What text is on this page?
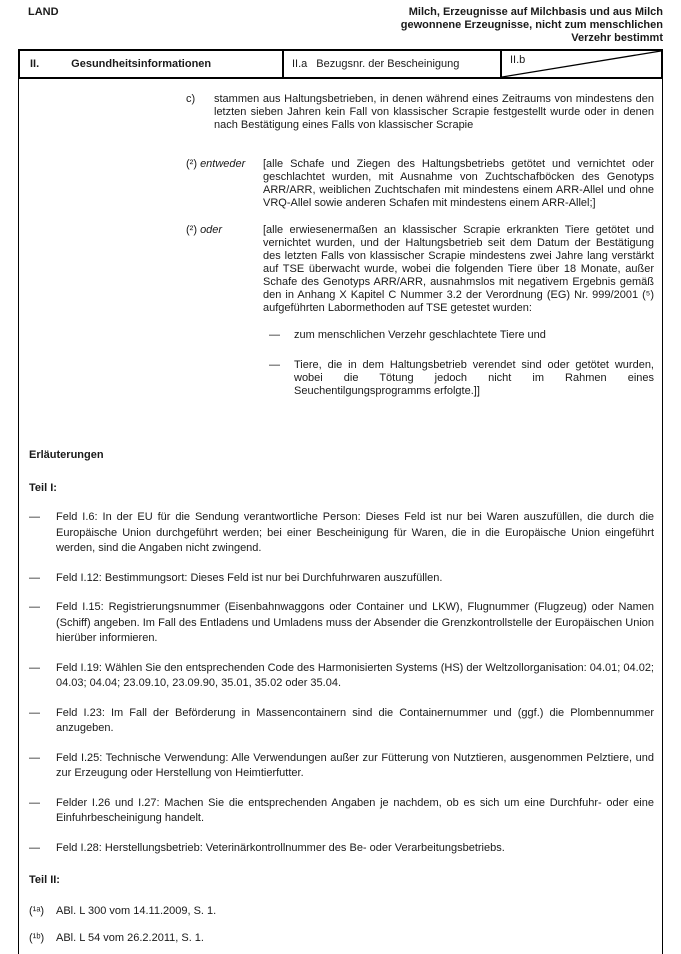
LAND	Milch, Erzeugnisse auf Milchbasis und aus Milch
gewonnene Erzeugnisse, nicht zum menschlichen
Verzehr bestimmt
II.	Gesundheitsinformationen	II.a Bezugsnr. der Bescheinigung	II.b
c)	stammen aus Haltungsbetrieben, in denen während eines Zeitraums von mindestens den letzten sieben Jahren kein Fall von klassischer Scrapie festgestellt wurde oder in denen nach Bestätigung eines Falls von klassischer Scrapie
(²) entweder	[alle Schafe und Ziegen des Haltungsbetriebs getötet und vernichtet oder geschlachtet wurden, mit Ausnahme von Zuchtschafböcken des Genotyps ARR/ARR, weiblichen Zuchtschafen mit mindestens einem ARR-Allel und ohne VRQ-Allel sowie anderen Schafen mit mindestens einem ARR-Allel;]
(²) oder	[alle erwiesenermaßen an klassischer Scrapie erkrankten Tiere getötet und vernichtet wurden, und der Haltungsbetrieb seit dem Datum der Bestätigung des letzten Falls von klassischer Scrapie mindestens zwei Jahre lang verstärkt auf TSE überwacht wurde, wobei die folgenden Tiere über 18 Monate, außer Schafe des Genotyps ARR/ARR, ausnahmslos mit negativem Ergebnis gemäß den in Anhang X Kapitel C Nummer 3.2 der Verordnung (EG) Nr. 999/2001 (⁵) aufgeführten Labormethoden auf TSE getestet wurden:
—	zum menschlichen Verzehr geschlachtete Tiere und
—	Tiere, die in dem Haltungsbetrieb verendet sind oder getötet wurden, wobei die Tötung jedoch nicht im Rahmen eines Seuchentilgungsprogramms erfolgte.]]
Erläuterungen
Teil I:
—	Feld I.6: In der EU für die Sendung verantwortliche Person: Dieses Feld ist nur bei Waren auszufüllen, die durch die Europäische Union durchgeführt werden; bei einer Bescheinigung für Waren, die in die Europäische Union eingeführt werden, sind die Angaben nicht zwingend.
—	Feld I.12: Bestimmungsort: Dieses Feld ist nur bei Durchfuhrwaren auszufüllen.
—	Feld I.15: Registrierungsnummer (Eisenbahnwaggons oder Container und LKW), Flugnummer (Flugzeug) oder Namen (Schiff) angeben. Im Fall des Entladens und Umladens muss der Absender die Grenzkontrollstelle der Europäischen Union hierüber informieren.
—	Feld I.19: Wählen Sie den entsprechenden Code des Harmonisierten Systems (HS) der Weltzollorganisation: 04.01; 04.02; 04.03; 04.04; 23.09.10, 23.09.90, 35.01, 35.02 oder 35.04.
—	Feld I.23: Im Fall der Beförderung in Massencontainern sind die Containernummer und (ggf.) die Plombennummer anzugeben.
—	Feld I.25: Technische Verwendung: Alle Verwendungen außer zur Fütterung von Nutztieren, ausgenommen Pelztiere, und zur Erzeugung oder Herstellung von Heimtierfutter.
—	Felder I.26 und I.27: Machen Sie die entsprechenden Angaben je nachdem, ob es sich um eine Durchfuhr- oder eine Einfuhrbescheinigung handelt.
—	Feld I.28: Herstellungsbetrieb: Veterinärkontrollnummer des Be- oder Verarbeitungsbetriebs.
Teil II:
(¹ᵃ)	ABl. L 300 vom 14.11.2009, S. 1.
(¹ᵇ)	ABl. L 54 vom 26.2.2011, S. 1.
